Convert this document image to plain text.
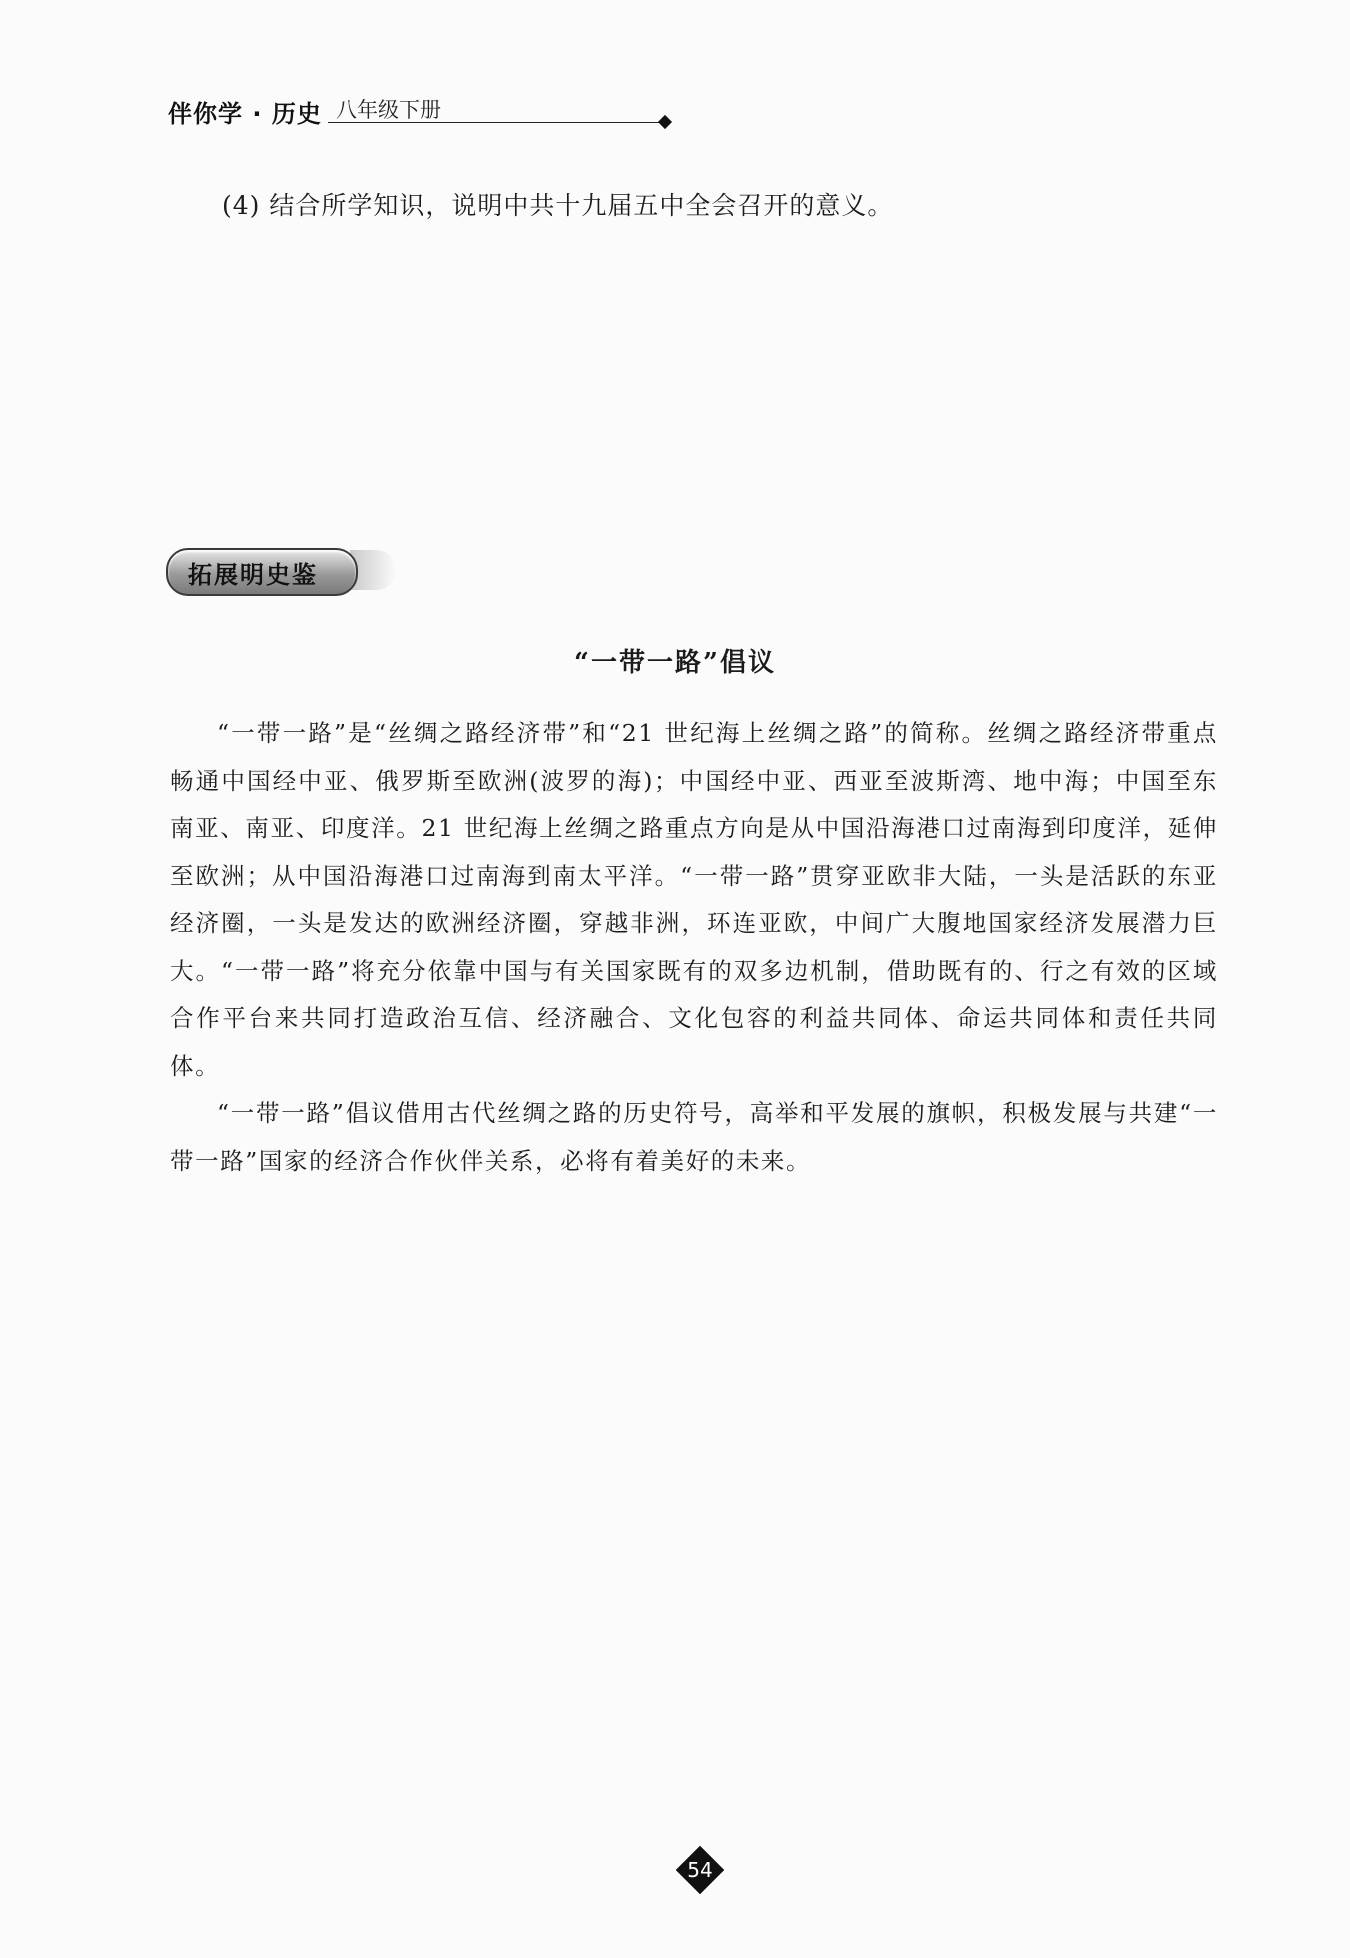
伴你学 · 历史 八年级下册
(4) 结合所学知识，说明中共十九届五中全会召开的意义。
拓展明史鉴
“一带一路”倡议

“一带一路”是“丝绸之路经济带”和“21 世纪海上丝绸之路”的简称。丝绸之路经济带重点畅通中国经中亚、俄罗斯至欧洲(波罗的海)；中国经中亚、西亚至波斯湾、地中海；中国至东南亚、南亚、印度洋。21 世纪海上丝绸之路重点方向是从中国沿海港口过南海到印度洋，延伸至欧洲；从中国沿海港口过南海到南太平洋。“一带一路”贯穿亚欧非大陆，一头是活跃的东亚经济圈，一头是发达的欧洲经济圈，穿越非洲，环连亚欧，中间广大腹地国家经济发展潜力巨大。“一带一路”将充分依靠中国与有关国家既有的双多边机制，借助既有的、行之有效的区域合作平台来共同打造政治互信、经济融合、文化包容的利益共同体、命运共同体和责任共同体。

“一带一路”倡议借用古代丝绸之路的历史符号，高举和平发展的旗帜，积极发展与共建“一带一路”国家的经济合作伙伴关系，必将有着美好的未来。

54
